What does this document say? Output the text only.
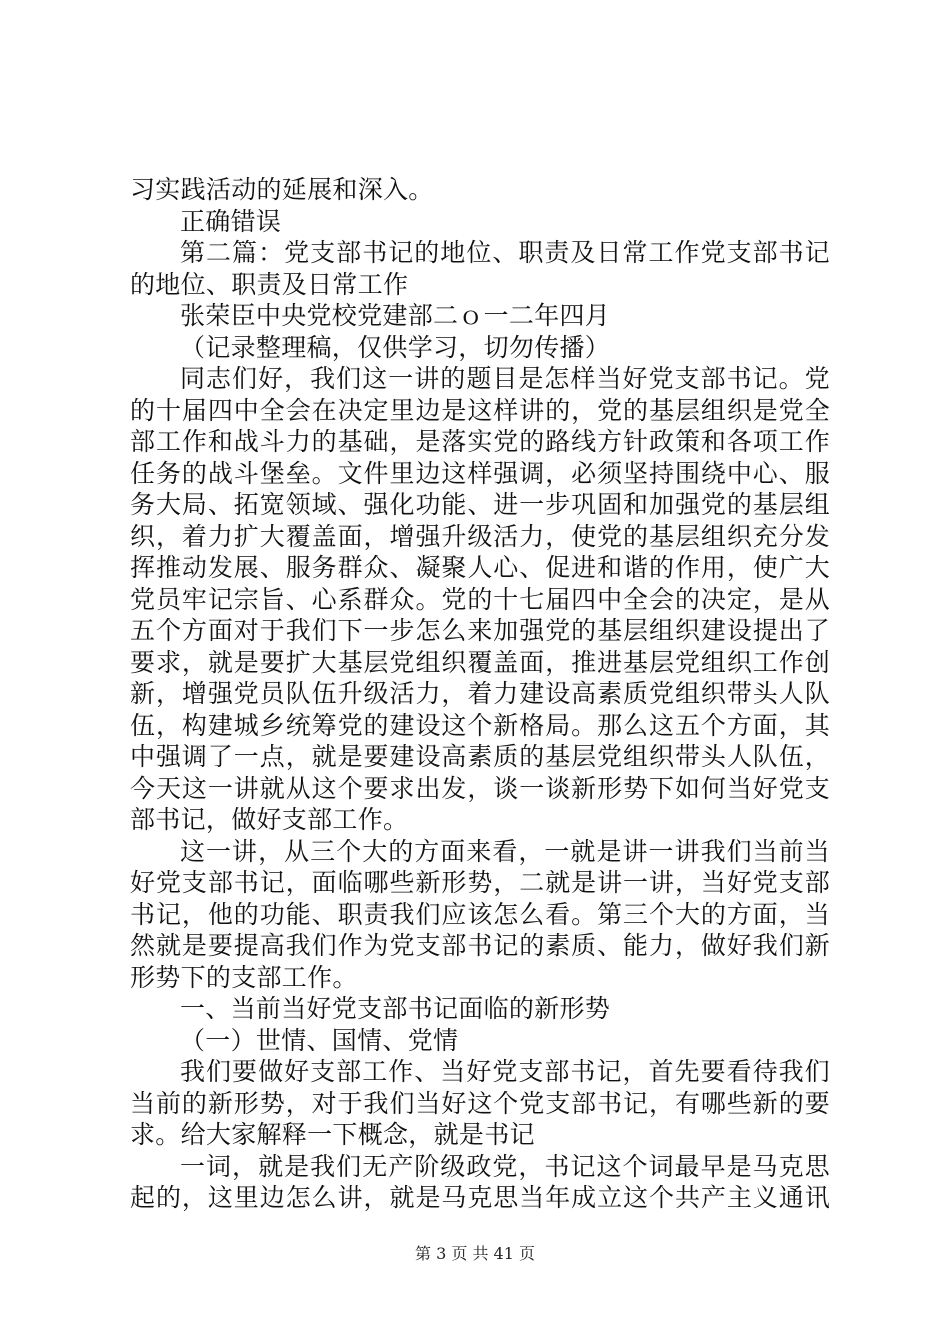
习实践活动的延展和深入。
正确错误
第二篇：党支部书记的地位、职责及日常工作党支部书记
的地位、职责及日常工作
张荣臣中央党校党建部二ｏ一二年四月
（记录整理稿，仅供学习，切勿传播）
同志们好，我们这一讲的题目是怎样当好党支部书记。党
的十届四中全会在决定里边是这样讲的，党的基层组织是党全
部工作和战斗力的基础，是落实党的路线方针政策和各项工作
任务的战斗堡垒。文件里边这样强调，必须坚持围绕中心、服
务大局、拓宽领域、强化功能、进一步巩固和加强党的基层组
织，着力扩大覆盖面，增强升级活力，使党的基层组织充分发
挥推动发展、服务群众、凝聚人心、促进和谐的作用，使广大
党员牢记宗旨、心系群众。党的十七届四中全会的决定，是从
五个方面对于我们下一步怎么来加强党的基层组织建设提出了
要求，就是要扩大基层党组织覆盖面，推进基层党组织工作创
新，增强党员队伍升级活力，着力建设高素质党组织带头人队
伍，构建城乡统筹党的建设这个新格局。那么这五个方面，其
中强调了一点，就是要建设高素质的基层党组织带头人队伍，
今天这一讲就从这个要求出发，谈一谈新形势下如何当好党支
部书记，做好支部工作。
这一讲，从三个大的方面来看，一就是讲一讲我们当前当
好党支部书记，面临哪些新形势，二就是讲一讲，当好党支部
书记，他的功能、职责我们应该怎么看。第三个大的方面，当
然就是要提高我们作为党支部书记的素质、能力，做好我们新
形势下的支部工作。
一、当前当好党支部书记面临的新形势
（一）世情、国情、党情
我们要做好支部工作、当好党支部书记，首先要看待我们
当前的新形势，对于我们当好这个党支部书记，有哪些新的要
求。给大家解释一下概念，就是书记
一词，就是我们无产阶级政党，书记这个词最早是马克思
起的，这里边怎么讲，就是马克思当年成立这个共产主义通讯
第 3 页 共 41 页
